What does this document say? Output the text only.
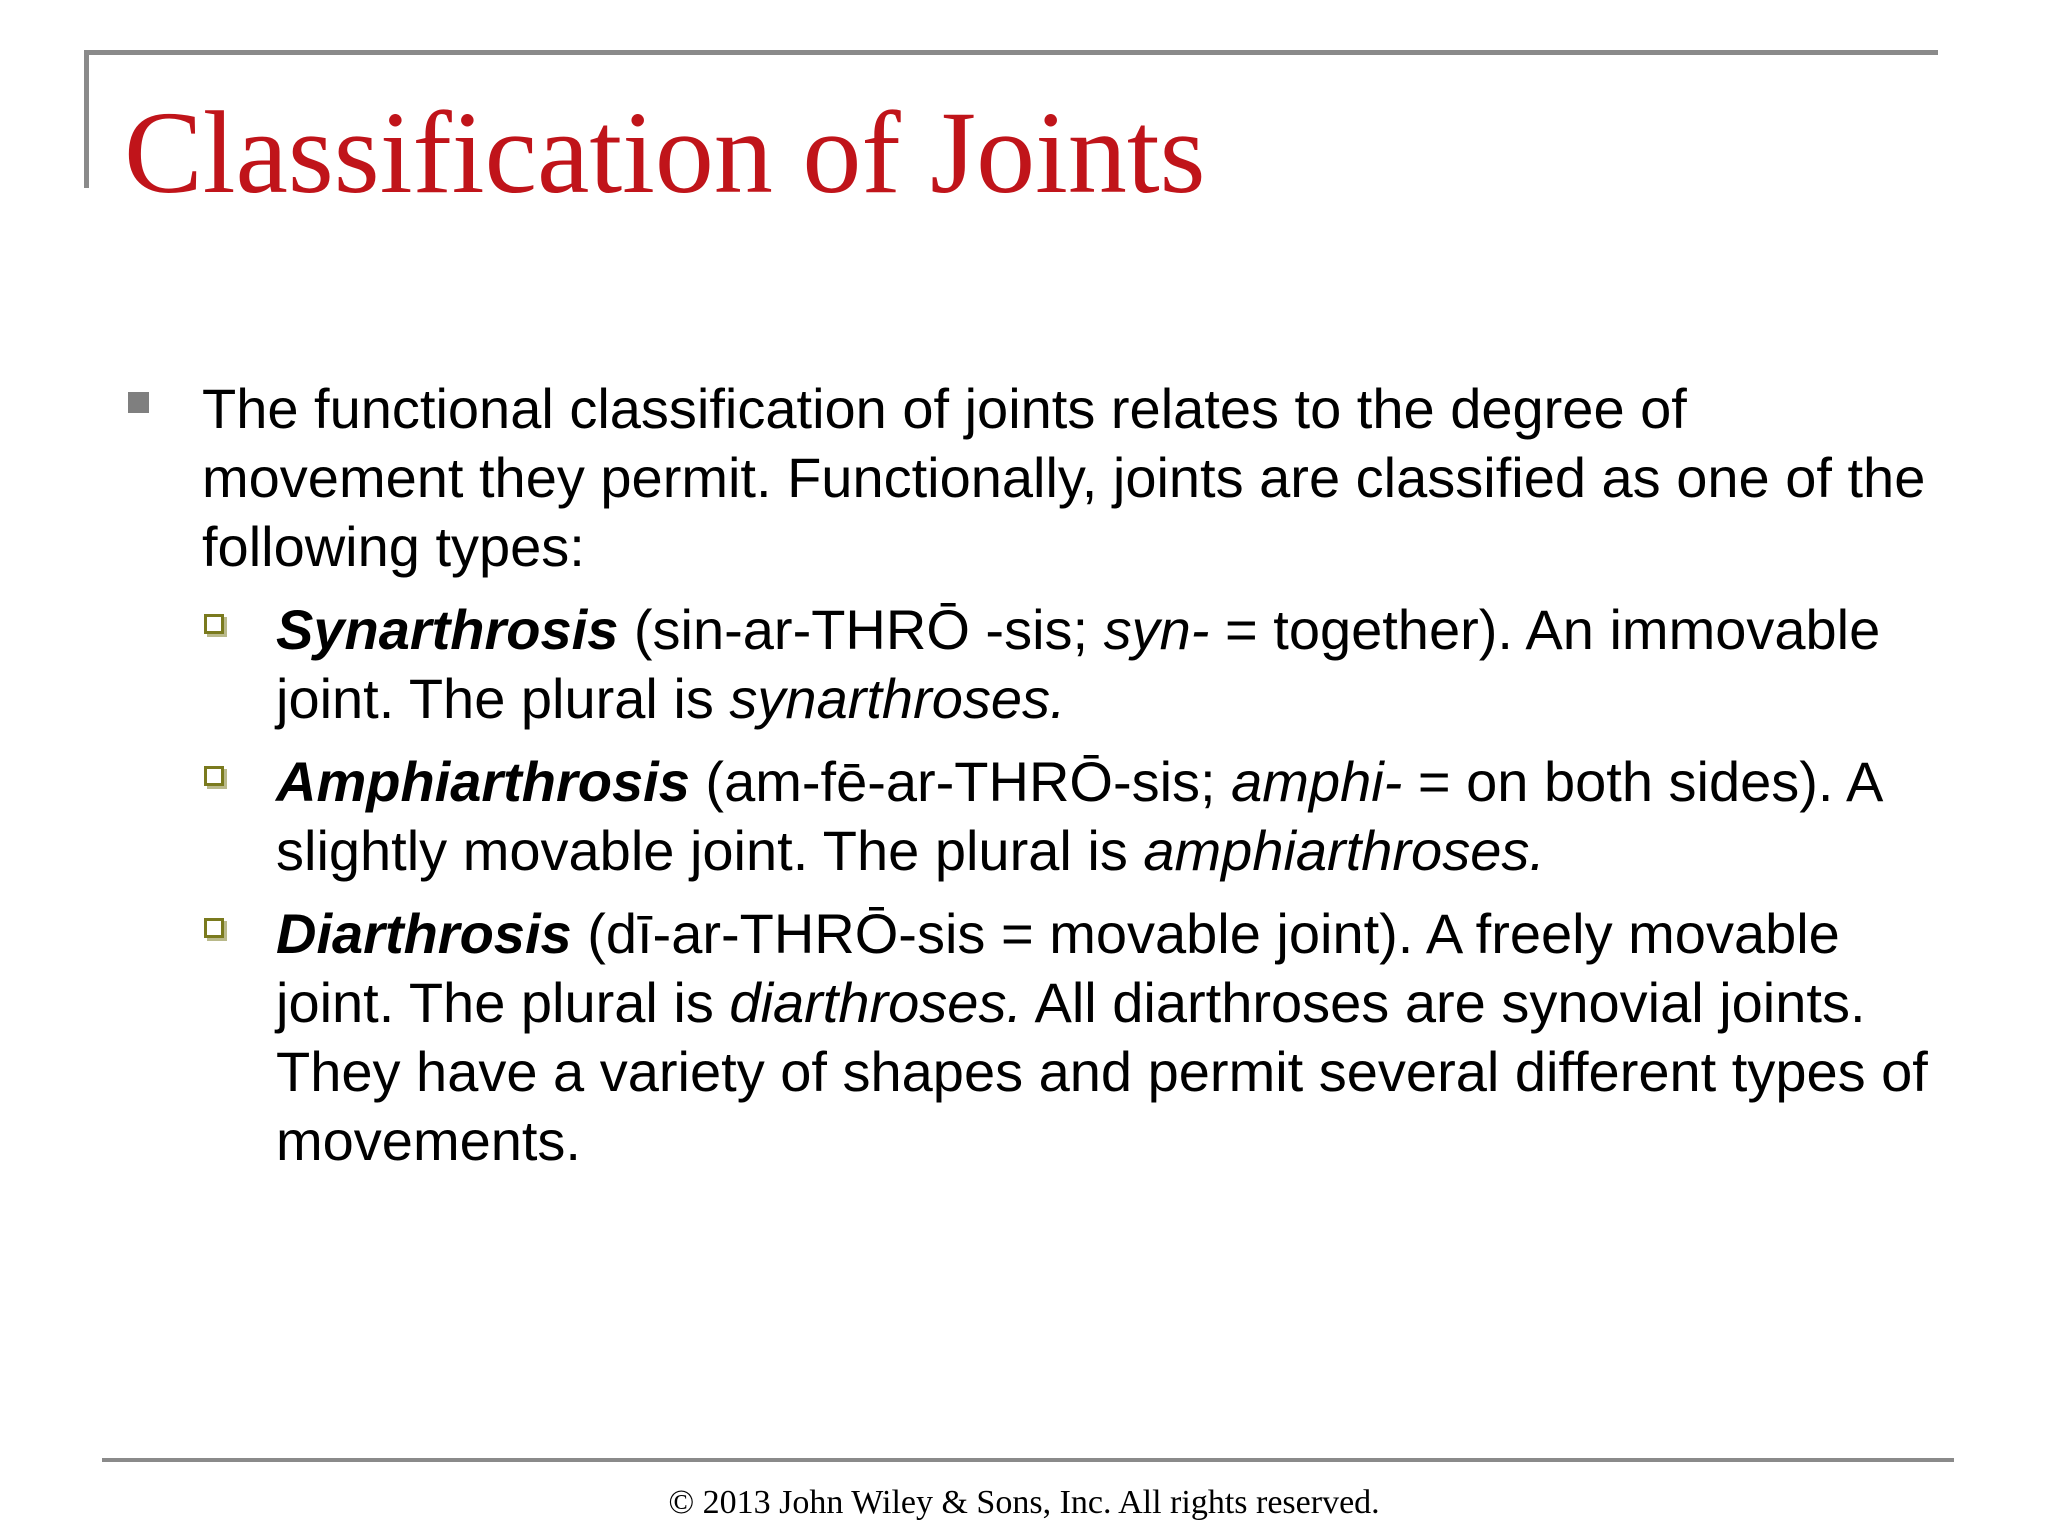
Classification of Joints
The functional classification of joints relates to the degree of movement they permit. Functionally, joints are classified as one of the following types:
Synarthrosis (sin-ar-THRŌ -sis; syn- = together). An immovable joint. The plural is synarthroses.
Amphiarthrosis (am-fē-ar-THRŌ-sis; amphi- = on both sides). A slightly movable joint. The plural is amphiarthroses.
Diarthrosis (dī-ar-THRŌ-sis = movable joint). A freely movable joint. The plural is diarthroses. All diarthroses are synovial joints. They have a variety of shapes and permit several different types of movements.
© 2013 John Wiley & Sons, Inc. All rights reserved.
